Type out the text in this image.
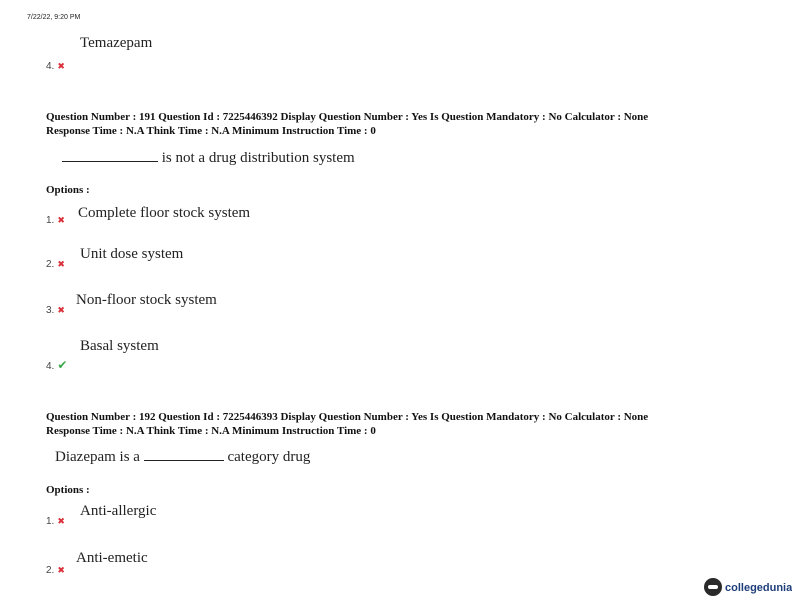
7/22/22, 9:20 PM
Temazepam
4. ✖
Question Number : 191 Question Id : 7225446392 Display Question Number : Yes Is Question Mandatory : No Calculator : None
Response Time : N.A Think Time : N.A Minimum Instruction Time : 0
is not a drug distribution system
Options :
Complete floor stock system
1. ✖
Unit dose system
2. ✖
Non-floor stock system
3. ✖
Basal system
4. ✔
Question Number : 192 Question Id : 7225446393 Display Question Number : Yes Is Question Mandatory : No Calculator : None
Response Time : N.A Think Time : N.A Minimum Instruction Time : 0
Diazepam is a	category drug
Options :
Anti-allergic
1. ✖
Anti-emetic
2. ✖
collegedunia
